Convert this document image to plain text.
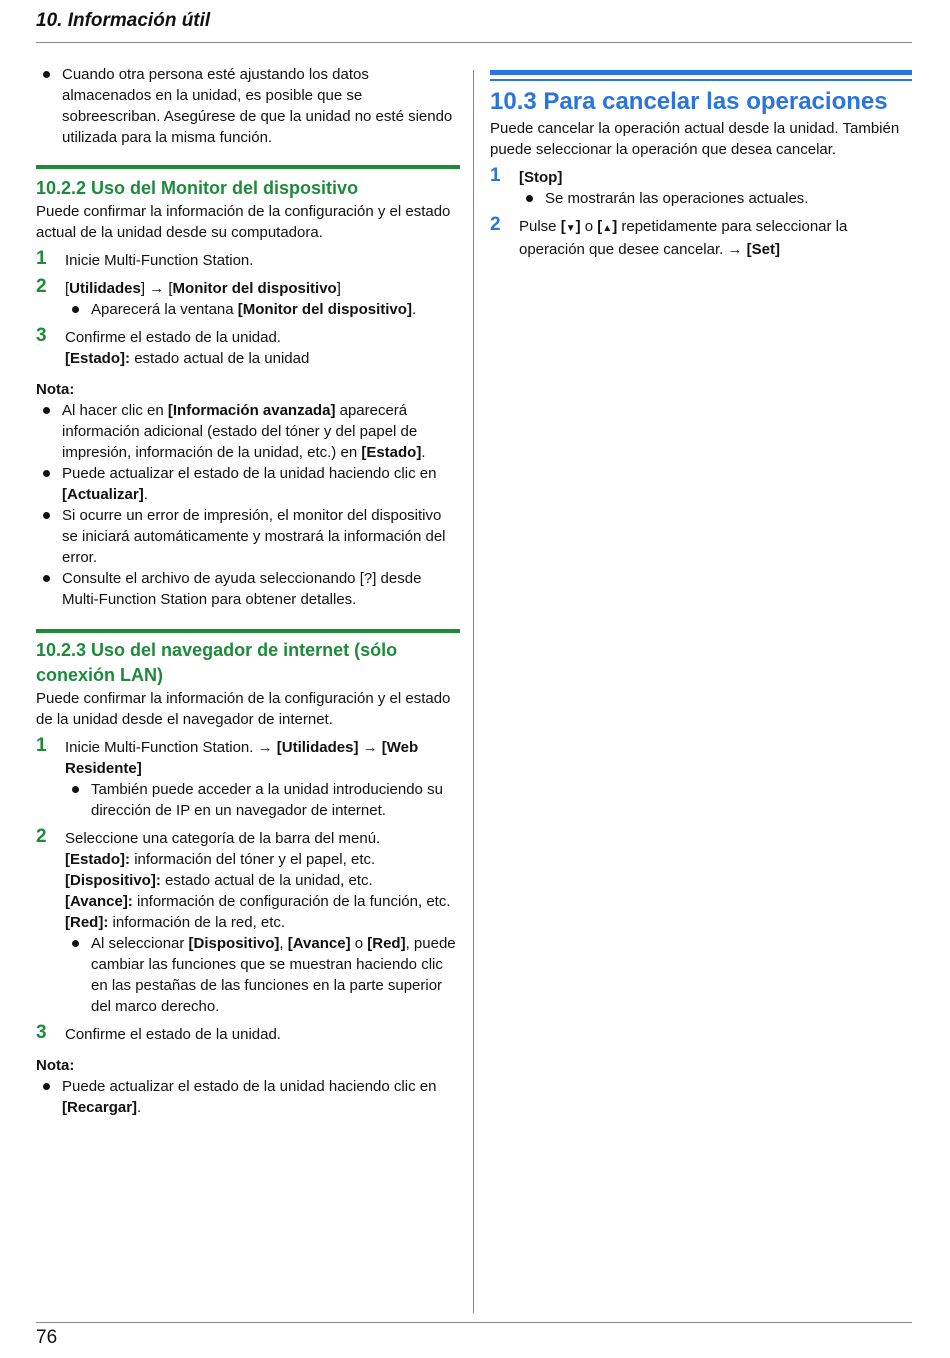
10. Información útil
Cuando otra persona esté ajustando los datos almacenados en la unidad, es posible que se sobreescriban. Asegúrese de que la unidad no esté siendo utilizada para la misma función.
10.2.2 Uso del Monitor del dispositivo
Puede confirmar la información de la configuración y el estado actual de la unidad desde su computadora.
1 Inicie Multi-Function Station.
2 [Utilidades] → [Monitor del dispositivo]
Aparecerá la ventana [Monitor del dispositivo].
3 Confirme el estado de la unidad.
[Estado]: estado actual de la unidad
Nota:
Al hacer clic en [Información avanzada] aparecerá información adicional (estado del tóner y del papel de impresión, información de la unidad, etc.) en [Estado].
Puede actualizar el estado de la unidad haciendo clic en [Actualizar].
Si ocurre un error de impresión, el monitor del dispositivo se iniciará automáticamente y mostrará la información del error.
Consulte el archivo de ayuda seleccionando [?] desde Multi-Function Station para obtener detalles.
10.2.3 Uso del navegador de internet (sólo conexión LAN)
Puede confirmar la información de la configuración y el estado de la unidad desde el navegador de internet.
1 Inicie Multi-Function Station. → [Utilidades] → [Web Residente]
También puede acceder a la unidad introduciendo su dirección de IP en un navegador de internet.
2 Seleccione una categoría de la barra del menú.
[Estado]: información del tóner y el papel, etc.
[Dispositivo]: estado actual de la unidad, etc.
[Avance]: información de configuración de la función, etc.
[Red]: información de la red, etc.
Al seleccionar [Dispositivo], [Avance] o [Red], puede cambiar las funciones que se muestran haciendo clic en las pestañas de las funciones en la parte superior del marco derecho.
3 Confirme el estado de la unidad.
Nota:
Puede actualizar el estado de la unidad haciendo clic en [Recargar].
10.3 Para cancelar las operaciones
Puede cancelar la operación actual desde la unidad. También puede seleccionar la operación que desea cancelar.
1 [Stop]
Se mostrarán las operaciones actuales.
2 Pulse [▼] o [▲] repetidamente para seleccionar la operación que desee cancelar. → [Set]
76
